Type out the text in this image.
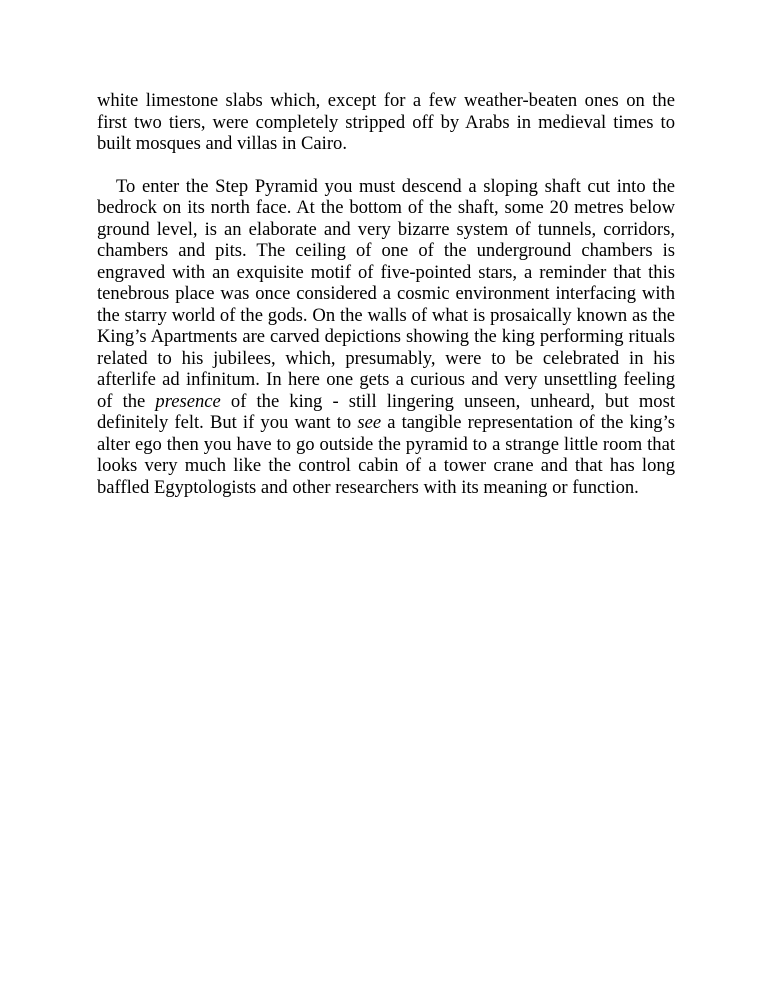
white limestone slabs which, except for a few weather-beaten ones on the first two tiers, were completely stripped off by Arabs in medieval times to built mosques and villas in Cairo.

To enter the Step Pyramid you must descend a sloping shaft cut into the bedrock on its north face. At the bottom of the shaft, some 20 metres below ground level, is an elaborate and very bizarre system of tunnels, corridors, chambers and pits. The ceiling of one of the underground chambers is engraved with an exquisite motif of five-pointed stars, a reminder that this tenebrous place was once considered a cosmic environment interfacing with the starry world of the gods. On the walls of what is prosaically known as the King’s Apartments are carved depictions showing the king performing rituals related to his jubilees, which, presumably, were to be celebrated in his afterlife ad infinitum. In here one gets a curious and very unsettling feeling of the presence of the king - still lingering unseen, unheard, but most definitely felt. But if you want to see a tangible representation of the king’s alter ego then you have to go outside the pyramid to a strange little room that looks very much like the control cabin of a tower crane and that has long baffled Egyptologists and other researchers with its meaning or function.
